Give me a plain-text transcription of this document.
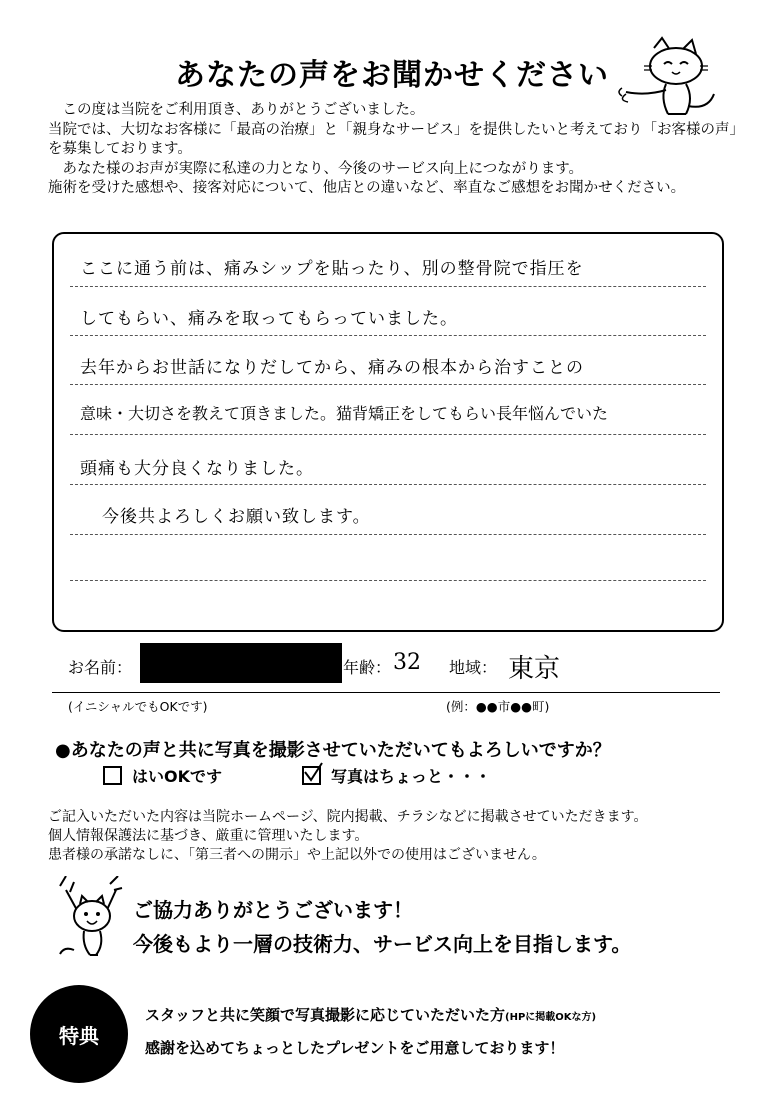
あなたの声をお聞かせください

　この度は当院をご利用頂き、ありがとうございました。

当院では、大切なお客様に「最高の治療」と「親身なサービス」を提供したいと考えており「お客様の声」を募集しております。

　あなた様のお声が実際に私達の力となり、今後のサービス向上につながります。

施術を受けた感想や、接客対応について、他店との違いなど、率直なご感想をお聞かせください。

ここに通う前は、痛みシップを貼ったり、別の整骨院で指圧を
してもらい、痛みを取ってもらっていました。
去年からお世話になりだしてから、痛みの根本から治すことの
意味・大切さを教えて頂きました。猫背矯正をしてもらい長年悩んでいた
頭痛も大分良くなりました。
今後共よろしくお願い致します。
お名前：	年齢： 32 地域： 東京
(イニシャルでもOKです)	(例：●●市●●町)
●あなたの声と共に写真を撮影させていただいてもよろしいですか？
はいOKです	写真はちょっと・・・

ご記入いただいた内容は当院ホームページ、院内掲載、チラシなどに掲載させていただきます。

個人情報保護法に基づき、厳重に管理いたします。

患者様の承諾なしに、「第三者への開示」や上記以外での使用はございません。

ご協力ありがとうございます！
今後もより一層の技術力、サービス向上を目指します。
特典
スタッフと共に笑顔で写真撮影に応じていただいた方(HPに掲載OKな方)
感謝を込めてちょっとしたプレゼントをご用意しております！
